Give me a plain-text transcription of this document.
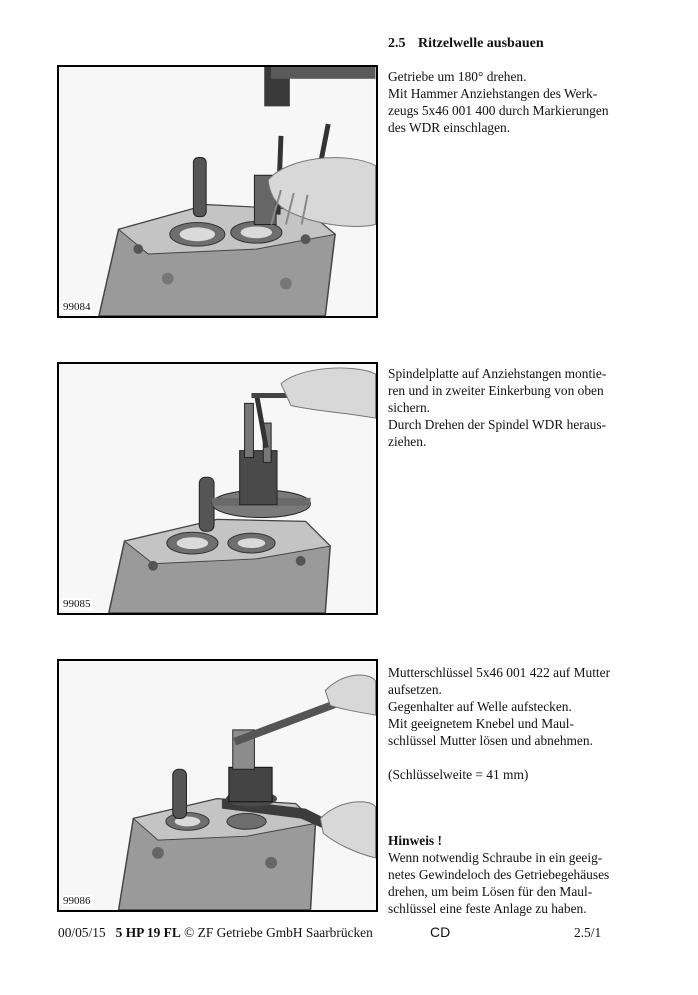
2.5 Ritzelwelle ausbauen
99084
99085
99086

Getriebe um 180° drehen.

Mit Hammer Anziehstangen des Werk-

zeugs 5x46 001 400 durch Markierungen

des WDR einschlagen.

Spindelplatte auf Anziehstangen montie-

ren und in zweiter Einkerbung von oben

sichern.

Durch Drehen der Spindel WDR heraus-

ziehen.

Mutterschlüssel 5x46 001 422 auf Mutter

aufsetzen.

Gegenhalter auf Welle aufstecken.

Mit geeignetem Knebel und Maul-

schlüssel Mutter lösen und abnehmen.

(Schlüsselweite = 41 mm)

Hinweis !

Wenn notwendig Schraube in ein geeig-

netes Gewindeloch des Getriebegehäuses

drehen, um beim Lösen für den Maul-

schlüssel eine feste Anlage zu haben.

00/05/15 5 HP 19 FL © ZF Getriebe GmbH Saarbrücken	CD	2.5/1
